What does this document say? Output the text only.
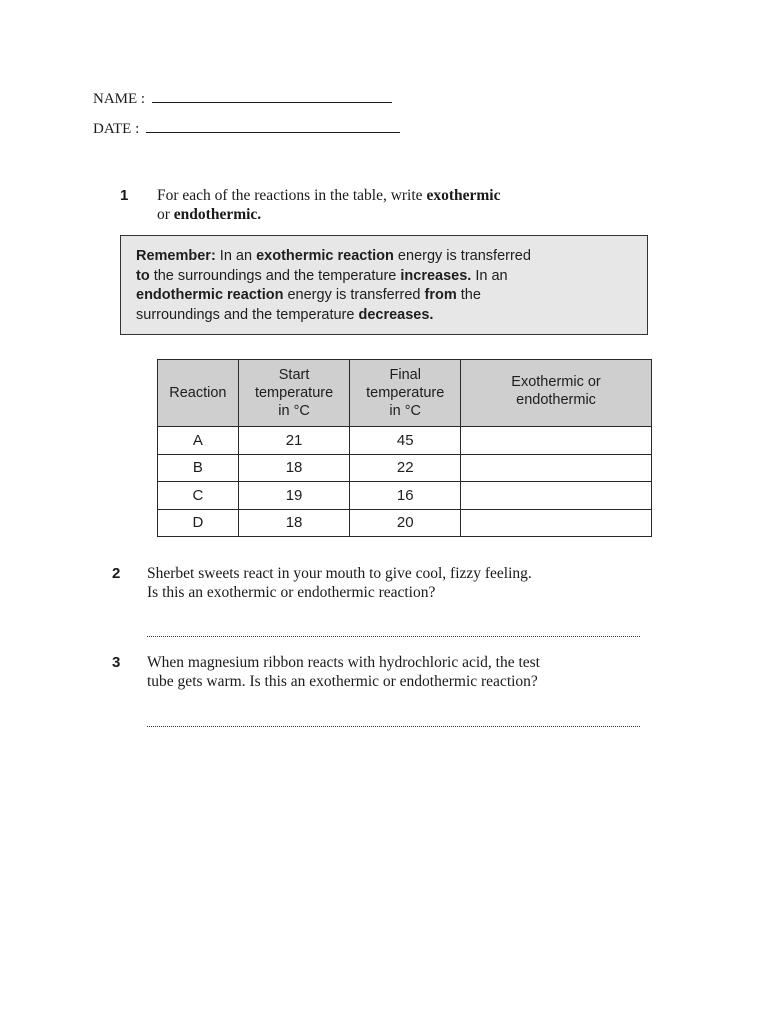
NAME :
DATE :
1 For each of the reactions in the table, write exothermic
or endothermic.
Remember: In an exothermic reaction energy is transferred
to the surroundings and the temperature increases. In an
endothermic reaction energy is transferred from the
surroundings and the temperature decreases.
Reaction	Start
temperature
in °C	Final
temperature
in °C	Exothermic or
endothermic

A	21	45	
B	18	22	
C	19	16	
D	18	20	
2 Sherbet sweets react in your mouth to give cool, fizzy feeling.
Is this an exothermic or endothermic reaction?
3 When magnesium ribbon reacts with hydrochloric acid, the test
tube gets warm. Is this an exothermic or endothermic reaction?
